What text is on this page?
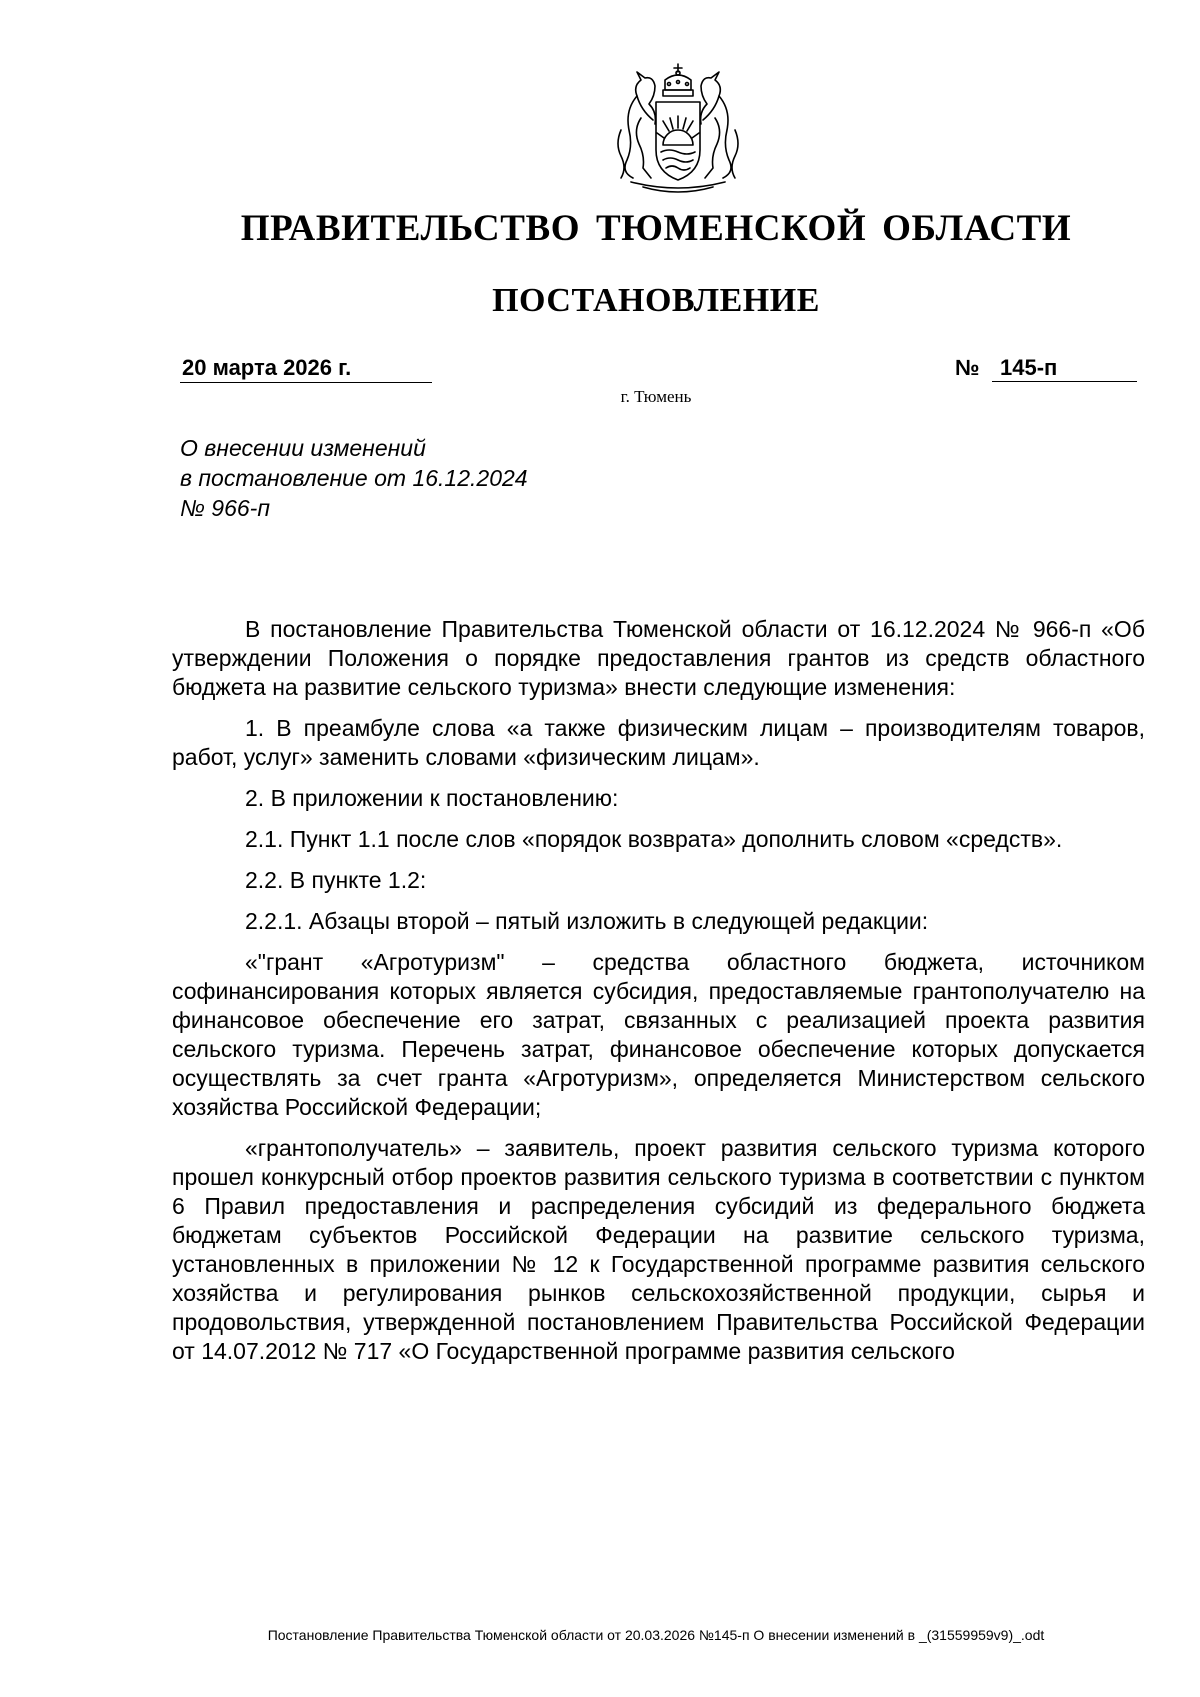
ПРАВИТЕЛЬСТВО ТЮМЕНСКОЙ ОБЛАСТИ
ПОСТАНОВЛЕНИЕ
20 марта 2026 г.	№ 145-п

г. Тюмень

О внесении изменений
в постановление от 16.12.2024
№ 966-п

В постановление Правительства Тюменской области от 16.12.2024 № 966-п «Об утверждении Положения о порядке предоставления грантов из средств областного бюджета на развитие сельского туризма» внести следующие изменения:

1. В преамбуле слова «а также физическим лицам – производителям товаров, работ, услуг» заменить словами «физическим лицам».

2. В приложении к постановлению:

2.1. Пункт 1.1 после слов «порядок возврата» дополнить словом «средств».

2.2. В пункте 1.2:

2.2.1. Абзацы второй – пятый изложить в следующей редакции:

«"грант «Агротуризм" – средства областного бюджета, источником софинансирования которых является субсидия, предоставляемые грантополучателю на финансовое обеспечение его затрат, связанных с реализацией проекта развития сельского туризма. Перечень затрат, финансовое обеспечение которых допускается осуществлять за счет гранта «Агротуризм», определяется Министерством сельского хозяйства Российской Федерации;

«грантополучатель» – заявитель, проект развития сельского туризма которого прошел конкурсный отбор проектов развития сельского туризма в соответствии с пунктом 6 Правил предоставления и распределения субсидий из федерального бюджета бюджетам субъектов Российской Федерации на развитие сельского туризма, установленных в приложении № 12 к Государственной программе развития сельского хозяйства и регулирования рынков сельскохозяйственной продукции, сырья и продовольствия, утвержденной постановлением Правительства Российской Федерации от 14.07.2012 № 717 «О Государственной программе развития сельского

Постановление Правительства Тюменской области от 20.03.2026 №145-п О внесении изменений в _(31559959v9)_.odt
